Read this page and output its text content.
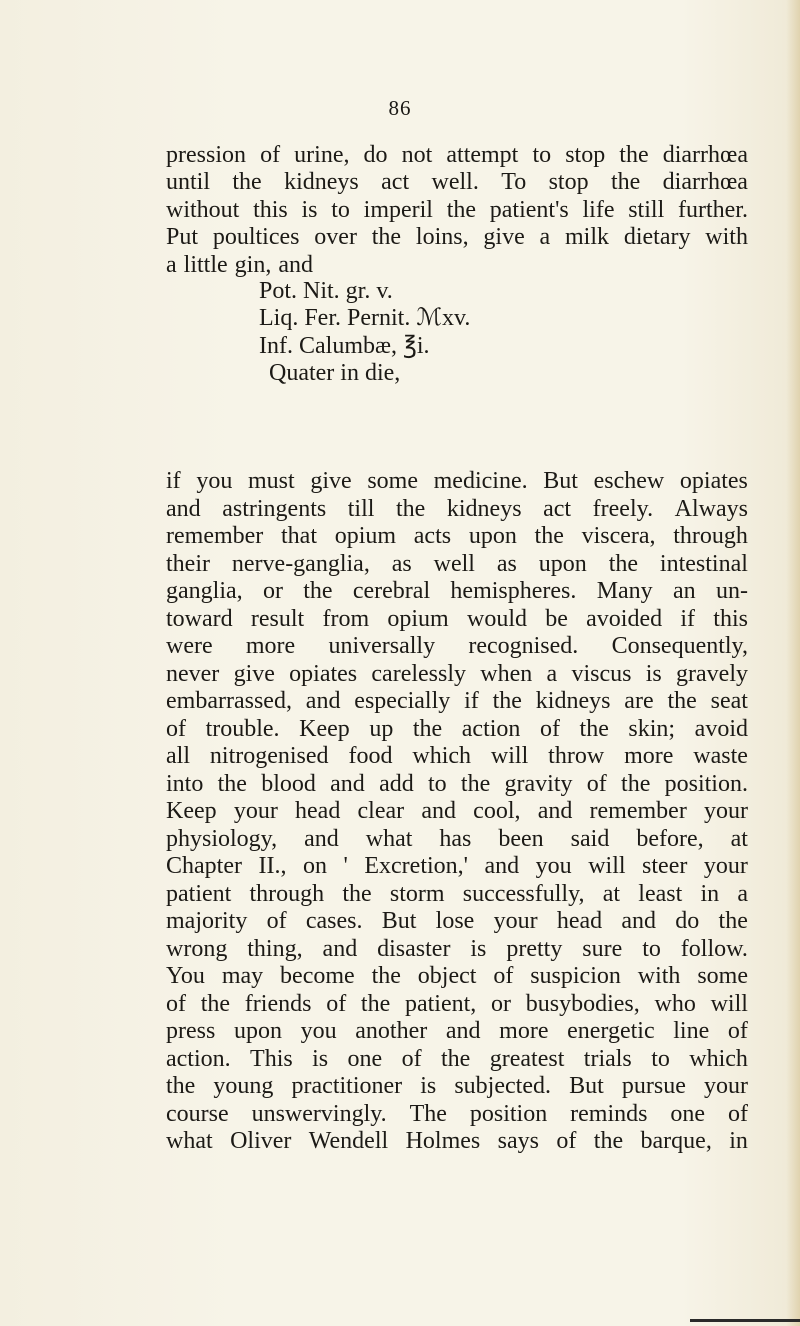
86
pression of urine, do not attempt to stop the diarrhœa
until the kidneys act well. To stop the diarrhœa
without this is to imperil the patient's life still further.
Put poultices over the loins, give a milk dietary with
a little gin, and
Pot. Nit. gr. v.
Liq. Fer. Pernit. ℳxv.
Inf. Calumbæ, ℥i.
Quater in die,
if you must give some medicine. But eschew opiates
and astringents till the kidneys act freely. Always
remember that opium acts upon the viscera, through
their nerve-ganglia, as well as upon the intestinal
ganglia, or the cerebral hemispheres. Many an un-
toward result from opium would be avoided if this
were more universally recognised. Consequently,
never give opiates carelessly when a viscus is gravely
embarrassed, and especially if the kidneys are the seat
of trouble. Keep up the action of the skin; avoid
all nitrogenised food which will throw more waste
into the blood and add to the gravity of the position.
Keep your head clear and cool, and remember your
physiology, and what has been said before, at
Chapter II., on ' Excretion,' and you will steer your
patient through the storm successfully, at least in a
majority of cases. But lose your head and do the
wrong thing, and disaster is pretty sure to follow.
You may become the object of suspicion with some
of the friends of the patient, or busybodies, who will
press upon you another and more energetic line of
action. This is one of the greatest trials to which
the young practitioner is subjected. But pursue your
course unswervingly. The position reminds one of
what Oliver Wendell Holmes says of the barque, in
